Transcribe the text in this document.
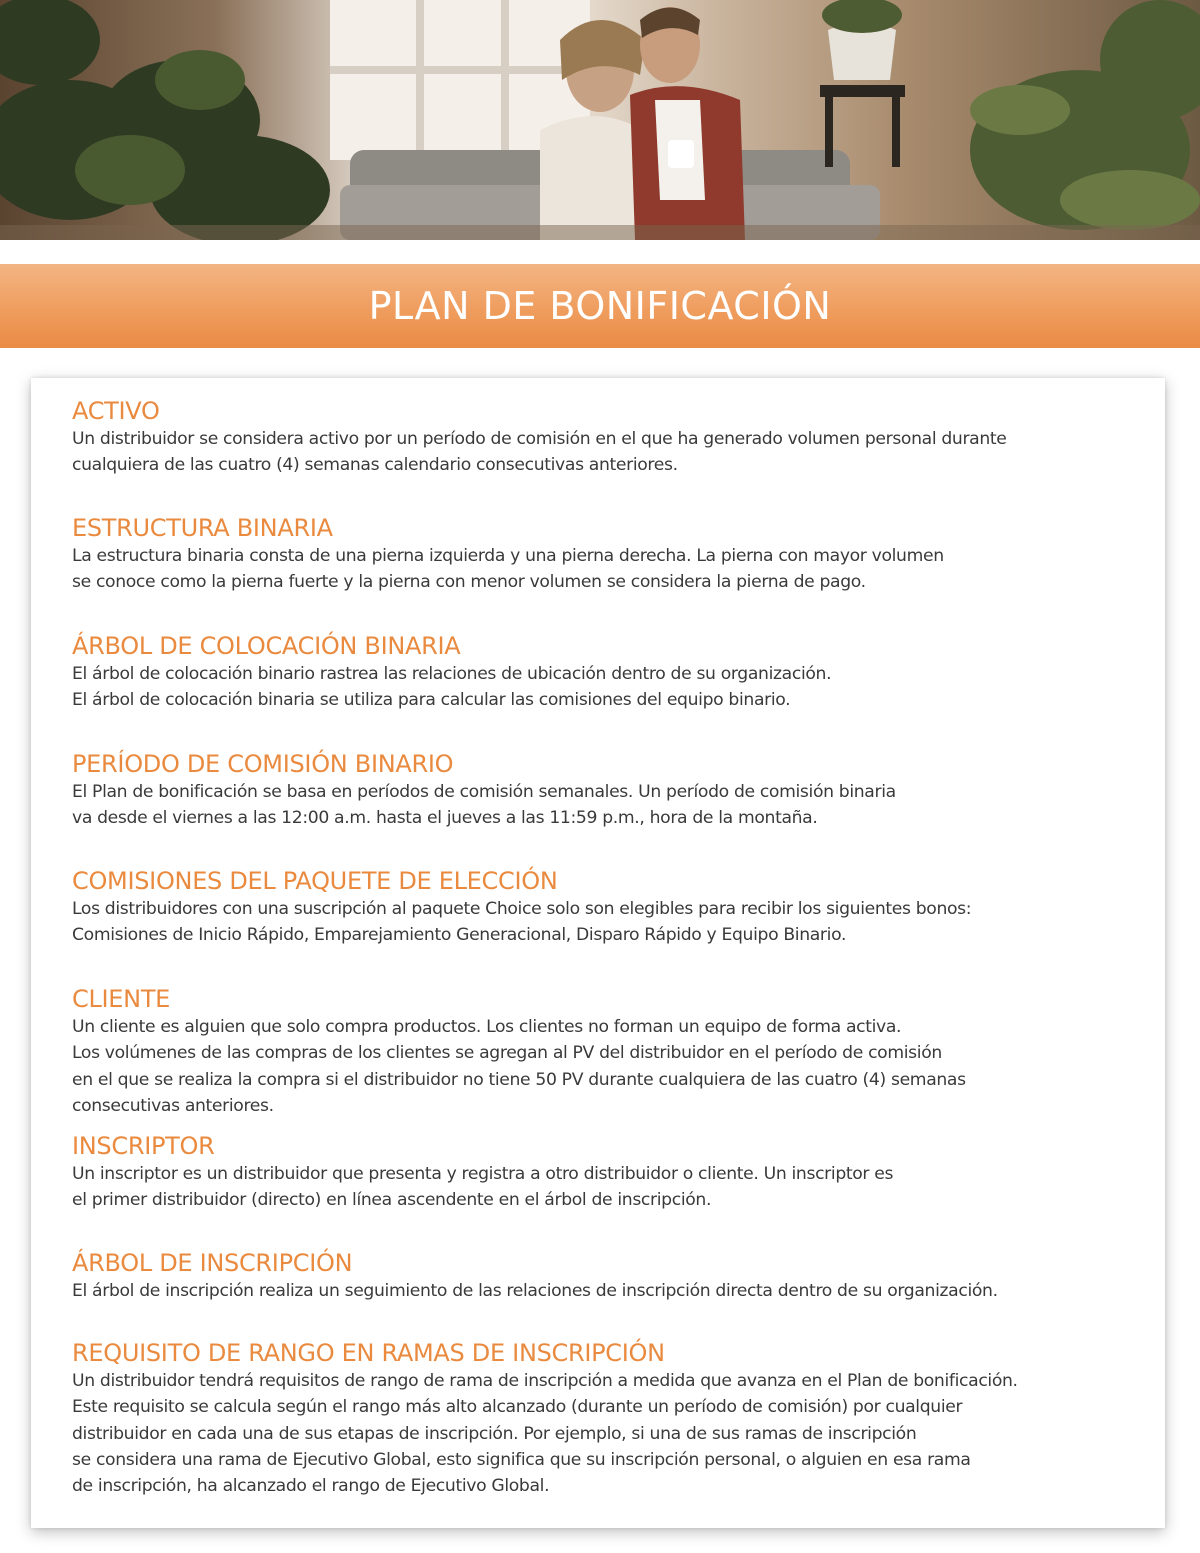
PLAN DE BONIFICACIÓN
ACTIVO

Un distribuidor se considera activo por un período de comisión en el que ha generado volumen personal durante

cualquiera de las cuatro (4) semanas calendario consecutivas anteriores.

ESTRUCTURA BINARIA

La estructura binaria consta de una pierna izquierda y una pierna derecha. La pierna con mayor volumen

se conoce como la pierna fuerte y la pierna con menor volumen se considera la pierna de pago.

ÁRBOL DE COLOCACIÓN BINARIA

El árbol de colocación binario rastrea las relaciones de ubicación dentro de su organización.

El árbol de colocación binaria se utiliza para calcular las comisiones del equipo binario.

PERÍODO DE COMISIÓN BINARIO

El Plan de bonificación se basa en períodos de comisión semanales. Un período de comisión binaria

va desde el viernes a las 12:00 a.m. hasta el jueves a las 11:59 p.m., hora de la montaña.

COMISIONES DEL PAQUETE DE ELECCIÓN

Los distribuidores con una suscripción al paquete Choice solo son elegibles para recibir los siguientes bonos:

Comisiones de Inicio Rápido, Emparejamiento Generacional, Disparo Rápido y Equipo Binario.

CLIENTE

Un cliente es alguien que solo compra productos. Los clientes no forman un equipo de forma activa.

Los volúmenes de las compras de los clientes se agregan al PV del distribuidor en el período de comisión

en el que se realiza la compra si el distribuidor no tiene 50 PV durante cualquiera de las cuatro (4) semanas

consecutivas anteriores.

INSCRIPTOR

Un inscriptor es un distribuidor que presenta y registra a otro distribuidor o cliente. Un inscriptor es

el primer distribuidor (directo) en línea ascendente en el árbol de inscripción.

ÁRBOL DE INSCRIPCIÓN

El árbol de inscripción realiza un seguimiento de las relaciones de inscripción directa dentro de su organización.

REQUISITO DE RANGO EN RAMAS DE INSCRIPCIÓN

Un distribuidor tendrá requisitos de rango de rama de inscripción a medida que avanza en el Plan de bonificación.

Este requisito se calcula según el rango más alto alcanzado (durante un período de comisión) por cualquier

distribuidor en cada una de sus etapas de inscripción. Por ejemplo, si una de sus ramas de inscripción

se considera una rama de Ejecutivo Global, esto significa que su inscripción personal, o alguien en esa rama

de inscripción, ha alcanzado el rango de Ejecutivo Global.
